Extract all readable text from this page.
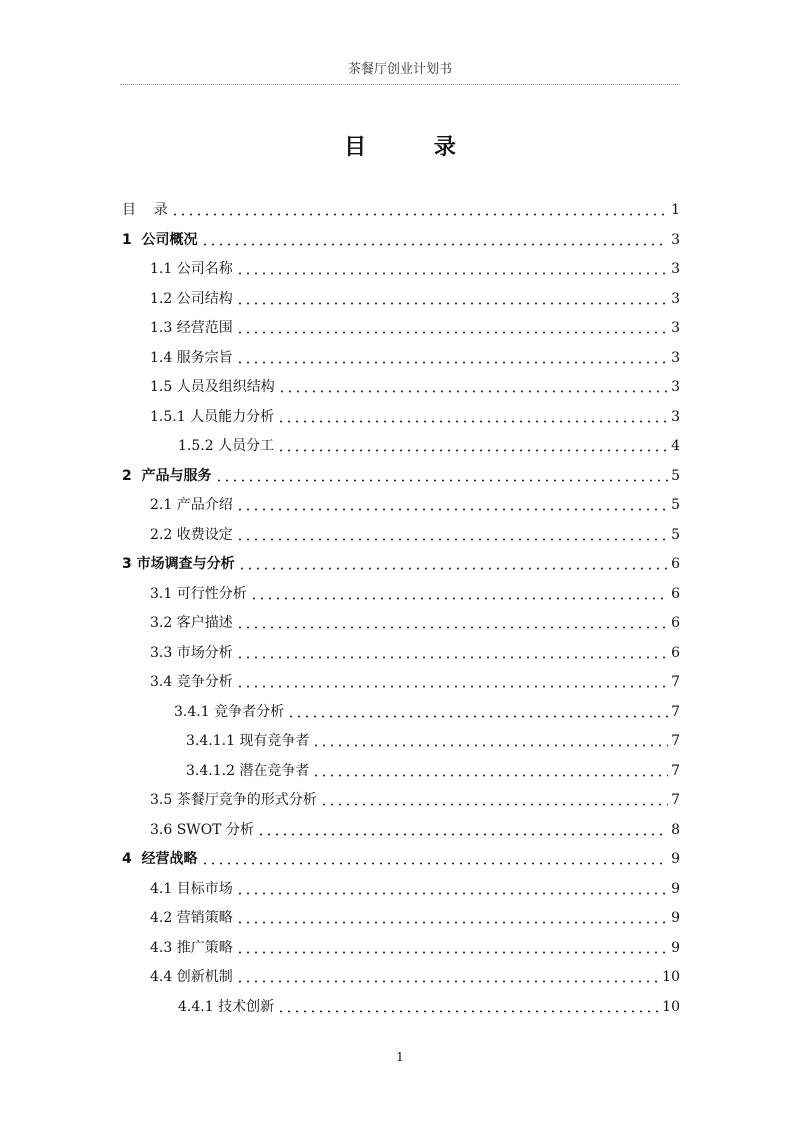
茶餐厅创业计划书
目 录
目    录	1
1  公司概况	3
1.1 公司名称	3
1.2 公司结构	3
1.3 经营范围	3
1.4 服务宗旨	3
1.5 人员及组织结构	3
1.5.1 人员能力分析	3
1.5.2 人员分工	4
2  产品与服务	5
2.1 产品介绍	5
2.2 收费设定	5
3 市场调查与分析	6
3.1 可行性分析	6
3.2 客户描述	6
3.3 市场分析	6
3.4 竞争分析	7
3.4.1 竞争者分析	7
3.4.1.1 现有竞争者	7
3.4.1.2 潜在竞争者	7
3.5 茶餐厅竞争的形式分析	7
3.6 SWOT 分析	8
4  经营战略	9
4.1 目标市场	9
4.2 营销策略	9
4.3 推广策略	9
4.4 创新机制	10
4.4.1 技术创新	10
1
